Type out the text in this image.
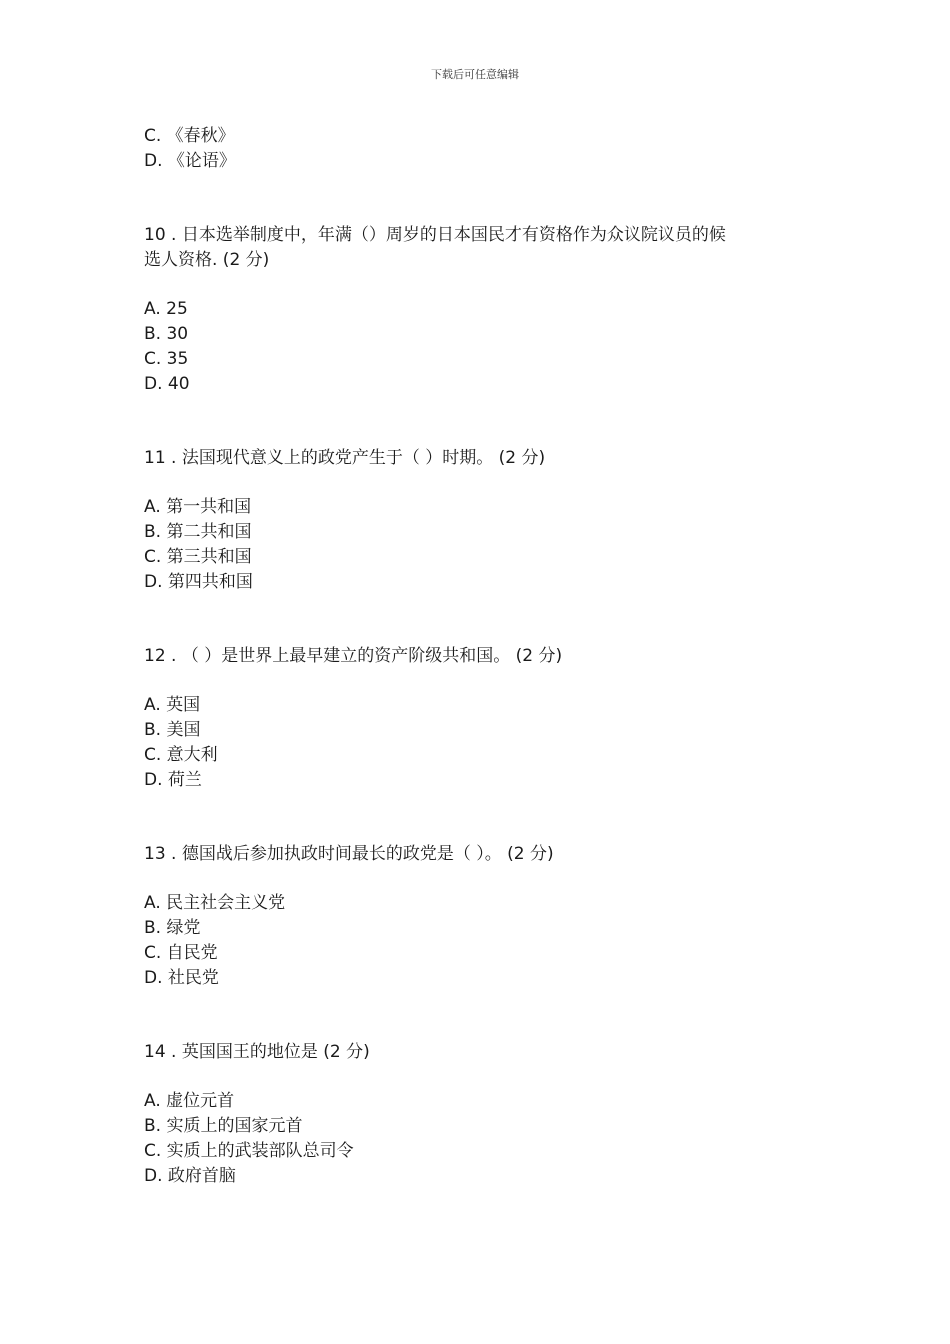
下载后可任意编辑
C. 《春秋》
D. 《论语》
10 . 日本选举制度中，年满（）周岁的日本国民才有资格作为众议院议员的候
选人资格. (2 分)
A. 25
B. 30
C. 35
D. 40
11 . 法国现代意义上的政党产生于（ ）时期。 (2 分)
A. 第一共和国
B. 第二共和国
C. 第三共和国
D. 第四共和国
12 . （ ）是世界上最早建立的资产阶级共和国。 (2 分)
A. 英国
B. 美国
C. 意大利
D. 荷兰
13 . 德国战后参加执政时间最长的政党是（ ）。 (2 分)
A. 民主社会主义党
B. 绿党
C. 自民党
D. 社民党
14 . 英国国王的地位是 (2 分)
A. 虚位元首
B. 实质上的国家元首
C. 实质上的武装部队总司令
D. 政府首脑
